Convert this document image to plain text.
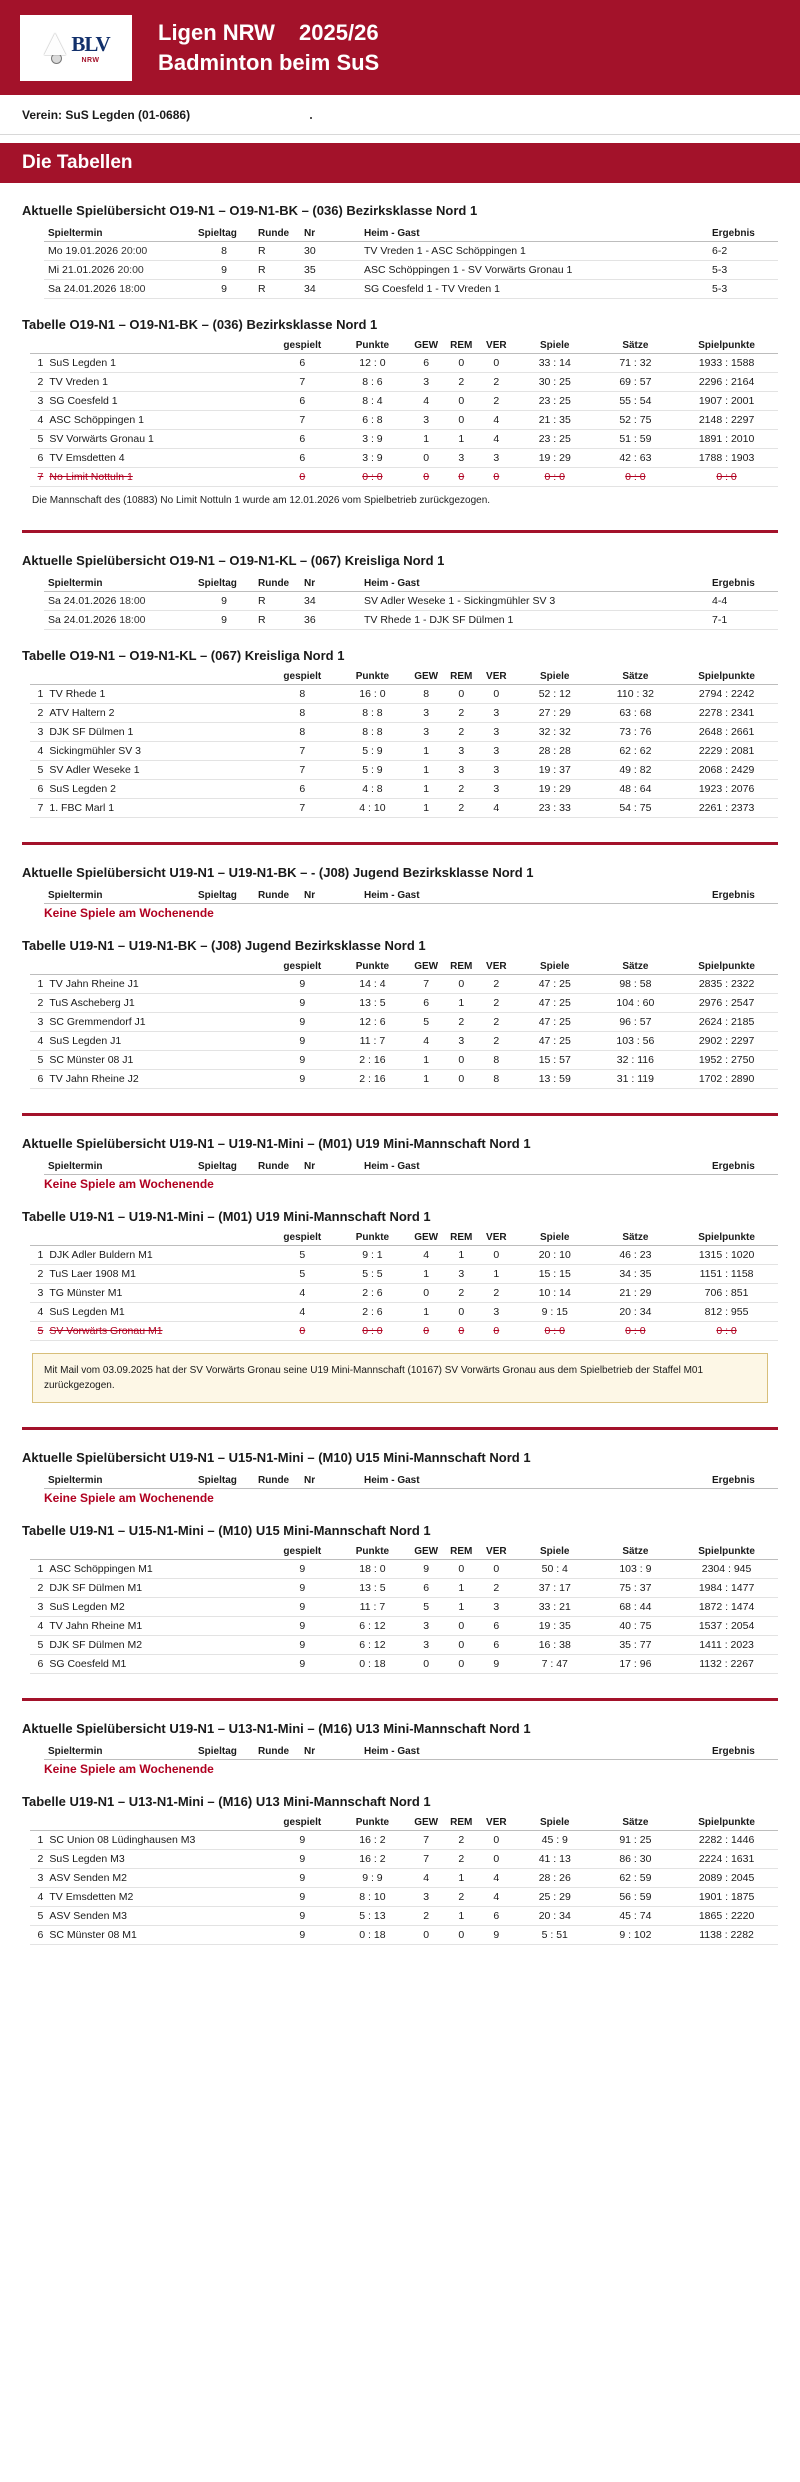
BLV
NRW
Ligen NRW 2025/26
Badminton beim SuS
Verein: SuS Legden (01-0686)
Die Tabellen
Aktuelle Spielübersicht O19-N1 – O19-N1-BK – (036) Bezirksklasse Nord 1
Spieltermin	Spieltag	Runde	Nr	Heim - Gast	Ergebnis
Mo 19.01.2026 20:00	8	R	30	TV Vreden 1 - ASC Schöppingen 1	6-2
Mi 21.01.2026 20:00	9	R	35	ASC Schöppingen 1 - SV Vorwärts Gronau 1	5-3
Sa 24.01.2026 18:00	9	R	34	SG Coesfeld 1 - TV Vreden 1	5-3
Tabelle O19-N1 – O19-N1-BK – (036) Bezirksklasse Nord 1
		gespielt	Punkte	GEW	REM	VER	Spiele	Sätze	Spielpunkte
1	SuS Legden 1	6	12 : 0	6	0	0	33 : 14	71 : 32	1933 : 1588
2	TV Vreden 1	7	8 : 6	3	2	2	30 : 25	69 : 57	2296 : 2164
3	SG Coesfeld 1	6	8 : 4	4	0	2	23 : 25	55 : 54	1907 : 2001
4	ASC Schöppingen 1	7	6 : 8	3	0	4	21 : 35	52 : 75	2148 : 2297
5	SV Vorwärts Gronau 1	6	3 : 9	1	1	4	23 : 25	51 : 59	1891 : 2010
6	TV Emsdetten 4	6	3 : 9	0	3	3	19 : 29	42 : 63	1788 : 1903
7	No Limit Nottuln 1	0	0 : 0	0	0	0	0 : 0	0 : 0	0 : 0
Die Mannschaft des (10883) No Limit Nottuln 1 wurde am 12.01.2026 vom Spielbetrieb zurückgezogen.
Aktuelle Spielübersicht O19-N1 – O19-N1-KL – (067) Kreisliga Nord 1
Spieltermin	Spieltag	Runde	Nr	Heim - Gast	Ergebnis
Sa 24.01.2026 18:00	9	R	34	SV Adler Weseke 1 - Sickingmühler SV 3	4-4
Sa 24.01.2026 18:00	9	R	36	TV Rhede 1 - DJK SF Dülmen 1	7-1
Tabelle O19-N1 – O19-N1-KL – (067) Kreisliga Nord 1
		gespielt	Punkte	GEW	REM	VER	Spiele	Sätze	Spielpunkte
1	TV Rhede 1	8	16 : 0	8	0	0	52 : 12	110 : 32	2794 : 2242
2	ATV Haltern 2	8	8 : 8	3	2	3	27 : 29	63 : 68	2278 : 2341
3	DJK SF Dülmen 1	8	8 : 8	3	2	3	32 : 32	73 : 76	2648 : 2661
4	Sickingmühler SV 3	7	5 : 9	1	3	3	28 : 28	62 : 62	2229 : 2081
5	SV Adler Weseke 1	7	5 : 9	1	3	3	19 : 37	49 : 82	2068 : 2429
6	SuS Legden 2	6	4 : 8	1	2	3	19 : 29	48 : 64	1923 : 2076
7	1. FBC Marl 1	7	4 : 10	1	2	4	23 : 33	54 : 75	2261 : 2373
Aktuelle Spielübersicht U19-N1 – U19-N1-BK – - (J08) Jugend Bezirksklasse Nord 1
Spieltermin	Spieltag	Runde	Nr	Heim - Gast	Ergebnis
Keine Spiele am Wochenende
Tabelle U19-N1 – U19-N1-BK – (J08) Jugend Bezirksklasse Nord 1
		gespielt	Punkte	GEW	REM	VER	Spiele	Sätze	Spielpunkte
1	TV Jahn Rheine J1	9	14 : 4	7	0	2	47 : 25	98 : 58	2835 : 2322
2	TuS Ascheberg J1	9	13 : 5	6	1	2	47 : 25	104 : 60	2976 : 2547
3	SC Gremmendorf J1	9	12 : 6	5	2	2	47 : 25	96 : 57	2624 : 2185
4	SuS Legden J1	9	11 : 7	4	3	2	47 : 25	103 : 56	2902 : 2297
5	SC Münster 08 J1	9	2 : 16	1	0	8	15 : 57	32 : 116	1952 : 2750
6	TV Jahn Rheine J2	9	2 : 16	1	0	8	13 : 59	31 : 119	1702 : 2890
Aktuelle Spielübersicht U19-N1 – U19-N1-Mini – (M01) U19 Mini-Mannschaft Nord 1
Spieltermin	Spieltag	Runde	Nr	Heim - Gast	Ergebnis
Keine Spiele am Wochenende
Tabelle U19-N1 – U19-N1-Mini – (M01) U19 Mini-Mannschaft Nord 1
		gespielt	Punkte	GEW	REM	VER	Spiele	Sätze	Spielpunkte
1	DJK Adler Buldern M1	5	9 : 1	4	1	0	20 : 10	46 : 23	1315 : 1020
2	TuS Laer 1908 M1	5	5 : 5	1	3	1	15 : 15	34 : 35	1151 : 1158
3	TG Münster M1	4	2 : 6	0	2	2	10 : 14	21 : 29	706 : 851
4	SuS Legden M1	4	2 : 6	1	0	3	9 : 15	20 : 34	812 : 955
5	SV Vorwärts Gronau M1	0	0 : 0	0	0	0	0 : 0	0 : 0	0 : 0
Mit Mail vom 03.09.2025 hat der SV Vorwärts Gronau seine U19 Mini-Mannschaft (10167) SV Vorwärts Gronau aus dem Spielbetrieb der Staffel M01 zurückgezogen.
Aktuelle Spielübersicht U19-N1 – U15-N1-Mini – (M10) U15 Mini-Mannschaft Nord 1
Spieltermin	Spieltag	Runde	Nr	Heim - Gast	Ergebnis
Keine Spiele am Wochenende
Tabelle U19-N1 – U15-N1-Mini – (M10) U15 Mini-Mannschaft Nord 1
		gespielt	Punkte	GEW	REM	VER	Spiele	Sätze	Spielpunkte
1	ASC Schöppingen M1	9	18 : 0	9	0	0	50 : 4	103 : 9	2304 : 945
2	DJK SF Dülmen M1	9	13 : 5	6	1	2	37 : 17	75 : 37	1984 : 1477
3	SuS Legden M2	9	11 : 7	5	1	3	33 : 21	68 : 44	1872 : 1474
4	TV Jahn Rheine M1	9	6 : 12	3	0	6	19 : 35	40 : 75	1537 : 2054
5	DJK SF Dülmen M2	9	6 : 12	3	0	6	16 : 38	35 : 77	1411 : 2023
6	SG Coesfeld M1	9	0 : 18	0	0	9	7 : 47	17 : 96	1132 : 2267
Aktuelle Spielübersicht U19-N1 – U13-N1-Mini – (M16) U13 Mini-Mannschaft Nord 1
Spieltermin	Spieltag	Runde	Nr	Heim - Gast	Ergebnis
Keine Spiele am Wochenende
Tabelle U19-N1 – U13-N1-Mini – (M16) U13 Mini-Mannschaft Nord 1
		gespielt	Punkte	GEW	REM	VER	Spiele	Sätze	Spielpunkte
1	SC Union 08 Lüdinghausen M3	9	16 : 2	7	2	0	45 : 9	91 : 25	2282 : 1446
2	SuS Legden M3	9	16 : 2	7	2	0	41 : 13	86 : 30	2224 : 1631
3	ASV Senden M2	9	9 : 9	4	1	4	28 : 26	62 : 59	2089 : 2045
4	TV Emsdetten M2	9	8 : 10	3	2	4	25 : 29	56 : 59	1901 : 1875
5	ASV Senden M3	9	5 : 13	2	1	6	20 : 34	45 : 74	1865 : 2220
6	SC Münster 08 M1	9	0 : 18	0	0	9	5 : 51	9 : 102	1138 : 2282
